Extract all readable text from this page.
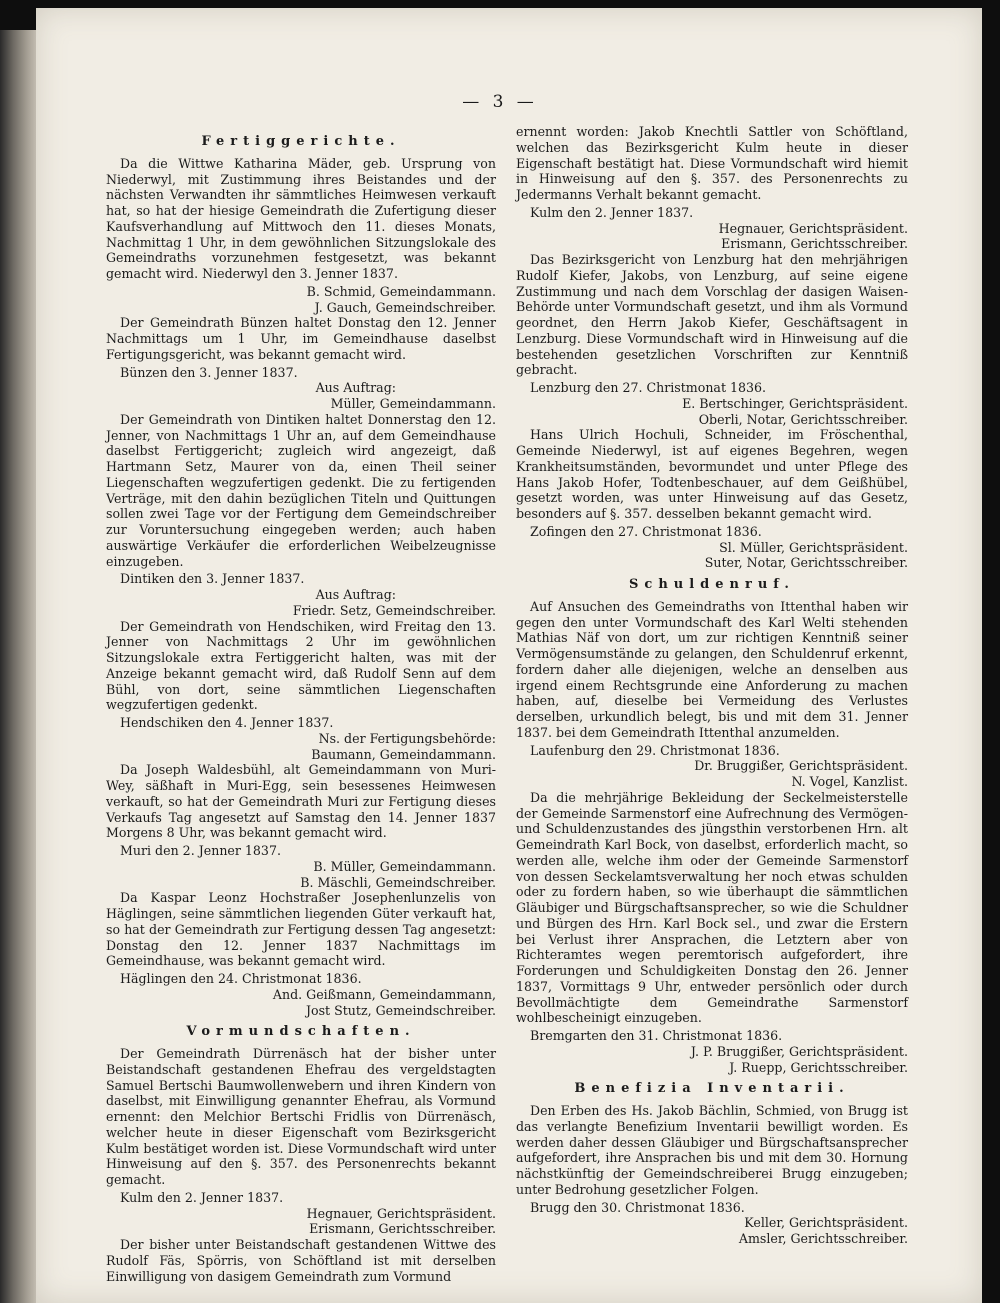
— 3 —
Fertiggerichte.

Da die Wittwe Katharina Mäder, geb. Ursprung von Niederwyl, mit Zustimmung ihres Beistandes und der nächsten Verwandten ihr sämmtliches Heimwesen verkauft hat, so hat der hiesige Gemeindrath die Zufertigung dieser Kaufsverhandlung auf Mittwoch den 11. dieses Monats, Nachmittag 1 Uhr, in dem gewöhnlichen Sitzungslokale des Gemeindraths vorzunehmen festgesetzt, was bekannt gemacht wird. Niederwyl den 3. Jenner 1837.

B. Schmid, Gemeindammann.

J. Gauch, Gemeindschreiber.

Der Gemeindrath Bünzen haltet Donstag den 12. Jenner Nachmittags um 1 Uhr, im Gemeindhause daselbst Fertigungsgericht, was bekannt gemacht wird.

Bünzen den 3. Jenner 1837.

Aus Auftrag:

Müller, Gemeindammann.

Der Gemeindrath von Dintiken haltet Donnerstag den 12. Jenner, von Nachmittags 1 Uhr an, auf dem Gemeindhause daselbst Fertiggericht; zugleich wird angezeigt, daß Hartmann Setz, Maurer von da, einen Theil seiner Liegenschaften wegzufertigen gedenkt. Die zu fertigenden Verträge, mit den dahin bezüglichen Titeln und Quittungen sollen zwei Tage vor der Fertigung dem Gemeindschreiber zur Voruntersuchung eingegeben werden; auch haben auswärtige Verkäufer die erforderlichen Weibelzeugnisse einzugeben.

Dintiken den 3. Jenner 1837.

Aus Auftrag:

Friedr. Setz, Gemeindschreiber.

Der Gemeindrath von Hendschiken, wird Freitag den 13. Jenner von Nachmittags 2 Uhr im gewöhnlichen Sitzungslokale extra Fertiggericht halten, was mit der Anzeige bekannt gemacht wird, daß Rudolf Senn auf dem Bühl, von dort, seine sämmtlichen Liegenschaften wegzufertigen gedenkt.

Hendschiken den 4. Jenner 1837.

Ns. der Fertigungsbehörde:

Baumann, Gemeindammann.

Da Joseph Waldesbühl, alt Gemeindammann von Muri-Wey, säßhaft in Muri-Egg, sein besessenes Heimwesen verkauft, so hat der Gemeindrath Muri zur Fertigung dieses Verkaufs Tag angesetzt auf Samstag den 14. Jenner 1837 Morgens 8 Uhr, was bekannt gemacht wird.

Muri den 2. Jenner 1837.

B. Müller, Gemeindammann.

B. Mäschli, Gemeindschreiber.

Da Kaspar Leonz Hochstraßer Josephenlunzelis von Häglingen, seine sämmtlichen liegenden Güter verkauft hat, so hat der Gemeindrath zur Fertigung dessen Tag angesetzt: Donstag den 12. Jenner 1837 Nachmittags im Gemeindhause, was bekannt gemacht wird.

Häglingen den 24. Christmonat 1836.

And. Geißmann, Gemeindammann,

Jost Stutz, Gemeindschreiber.

Vormundschaften.

Der Gemeindrath Dürrenäsch hat der bisher unter Beistandschaft gestandenen Ehefrau des vergeldstagten Samuel Bertschi Baumwollenwebern und ihren Kindern von daselbst, mit Einwilligung genannter Ehefrau, als Vormund ernennt: den Melchior Bertschi Fridlis von Dürrenäsch, welcher heute in dieser Eigenschaft vom Bezirksgericht Kulm bestätiget worden ist. Diese Vormundschaft wird unter Hinweisung auf den §. 357. des Personenrechts bekannt gemacht.

Kulm den 2. Jenner 1837.

Hegnauer, Gerichtspräsident.

Erismann, Gerichtsschreiber.

Der bisher unter Beistandschaft gestandenen Wittwe des Rudolf Fäs, Spörris, von Schöftland ist mit derselben Einwilligung von dasigem Gemeindrath zum Vormund

ernennt worden: Jakob Knechtli Sattler von Schöftland, welchen das Bezirksgericht Kulm heute in dieser Eigenschaft bestätigt hat. Diese Vormundschaft wird hiemit in Hinweisung auf den §. 357. des Personenrechts zu Jedermanns Verhalt bekannt gemacht.

Kulm den 2. Jenner 1837.

Hegnauer, Gerichtspräsident.

Erismann, Gerichtsschreiber.

Das Bezirksgericht von Lenzburg hat den mehrjährigen Rudolf Kiefer, Jakobs, von Lenzburg, auf seine eigene Zustimmung und nach dem Vorschlag der dasigen Waisen-Behörde unter Vormundschaft gesetzt, und ihm als Vormund geordnet, den Herrn Jakob Kiefer, Geschäftsagent in Lenzburg. Diese Vormundschaft wird in Hinweisung auf die bestehenden gesetzlichen Vorschriften zur Kenntniß gebracht.

Lenzburg den 27. Christmonat 1836.

E. Bertschinger, Gerichtspräsident.

Oberli, Notar, Gerichtsschreiber.

Hans Ulrich Hochuli, Schneider, im Fröschenthal, Gemeinde Niederwyl, ist auf eigenes Begehren, wegen Krankheitsumständen, bevormundet und unter Pflege des Hans Jakob Hofer, Todtenbeschauer, auf dem Geißhübel, gesetzt worden, was unter Hinweisung auf das Gesetz, besonders auf §. 357. desselben bekannt gemacht wird.

Zofingen den 27. Christmonat 1836.

Sl. Müller, Gerichtspräsident.

Suter, Notar, Gerichtsschreiber.

Schuldenruf.

Auf Ansuchen des Gemeindraths von Ittenthal haben wir gegen den unter Vormundschaft des Karl Welti stehenden Mathias Näf von dort, um zur richtigen Kenntniß seiner Vermögensumstände zu gelangen, den Schuldenruf erkennt, fordern daher alle diejenigen, welche an denselben aus irgend einem Rechtsgrunde eine Anforderung zu machen haben, auf, dieselbe bei Vermeidung des Verlustes derselben, urkundlich belegt, bis und mit dem 31. Jenner 1837. bei dem Gemeindrath Ittenthal anzumelden.

Laufenburg den 29. Christmonat 1836.

Dr. Bruggißer, Gerichtspräsident.

N. Vogel, Kanzlist.

Da die mehrjährige Bekleidung der Seckelmeisterstelle der Gemeinde Sarmenstorf eine Aufrechnung des Vermögen- und Schuldenzustandes des jüngsthin verstorbenen Hrn. alt Gemeindrath Karl Bock, von daselbst, erforderlich macht, so werden alle, welche ihm oder der Gemeinde Sarmenstorf von dessen Seckelamtsverwaltung her noch etwas schulden oder zu fordern haben, so wie überhaupt die sämmtlichen Gläubiger und Bürgschaftsansprecher, so wie die Schuldner und Bürgen des Hrn. Karl Bock sel., und zwar die Erstern bei Verlust ihrer Ansprachen, die Letztern aber von Richteramtes wegen peremtorisch aufgefordert, ihre Forderungen und Schuldigkeiten Donstag den 26. Jenner 1837, Vormittags 9 Uhr, entweder persönlich oder durch Bevollmächtigte dem Gemeindrathe Sarmenstorf wohlbescheinigt einzugeben.

Bremgarten den 31. Christmonat 1836.

J. P. Bruggißer, Gerichtspräsident.

J. Ruepp, Gerichtsschreiber.

Benefizia Inventarii.

Den Erben des Hs. Jakob Bächlin, Schmied, von Brugg ist das verlangte Benefizium Inventarii bewilligt worden. Es werden daher dessen Gläubiger und Bürgschaftsansprecher aufgefordert, ihre Ansprachen bis und mit dem 30. Hornung nächstkünftig der Gemeindschreiberei Brugg einzugeben; unter Bedrohung gesetzlicher Folgen.

Brugg den 30. Christmonat 1836.

Keller, Gerichtspräsident.

Amsler, Gerichtsschreiber.
